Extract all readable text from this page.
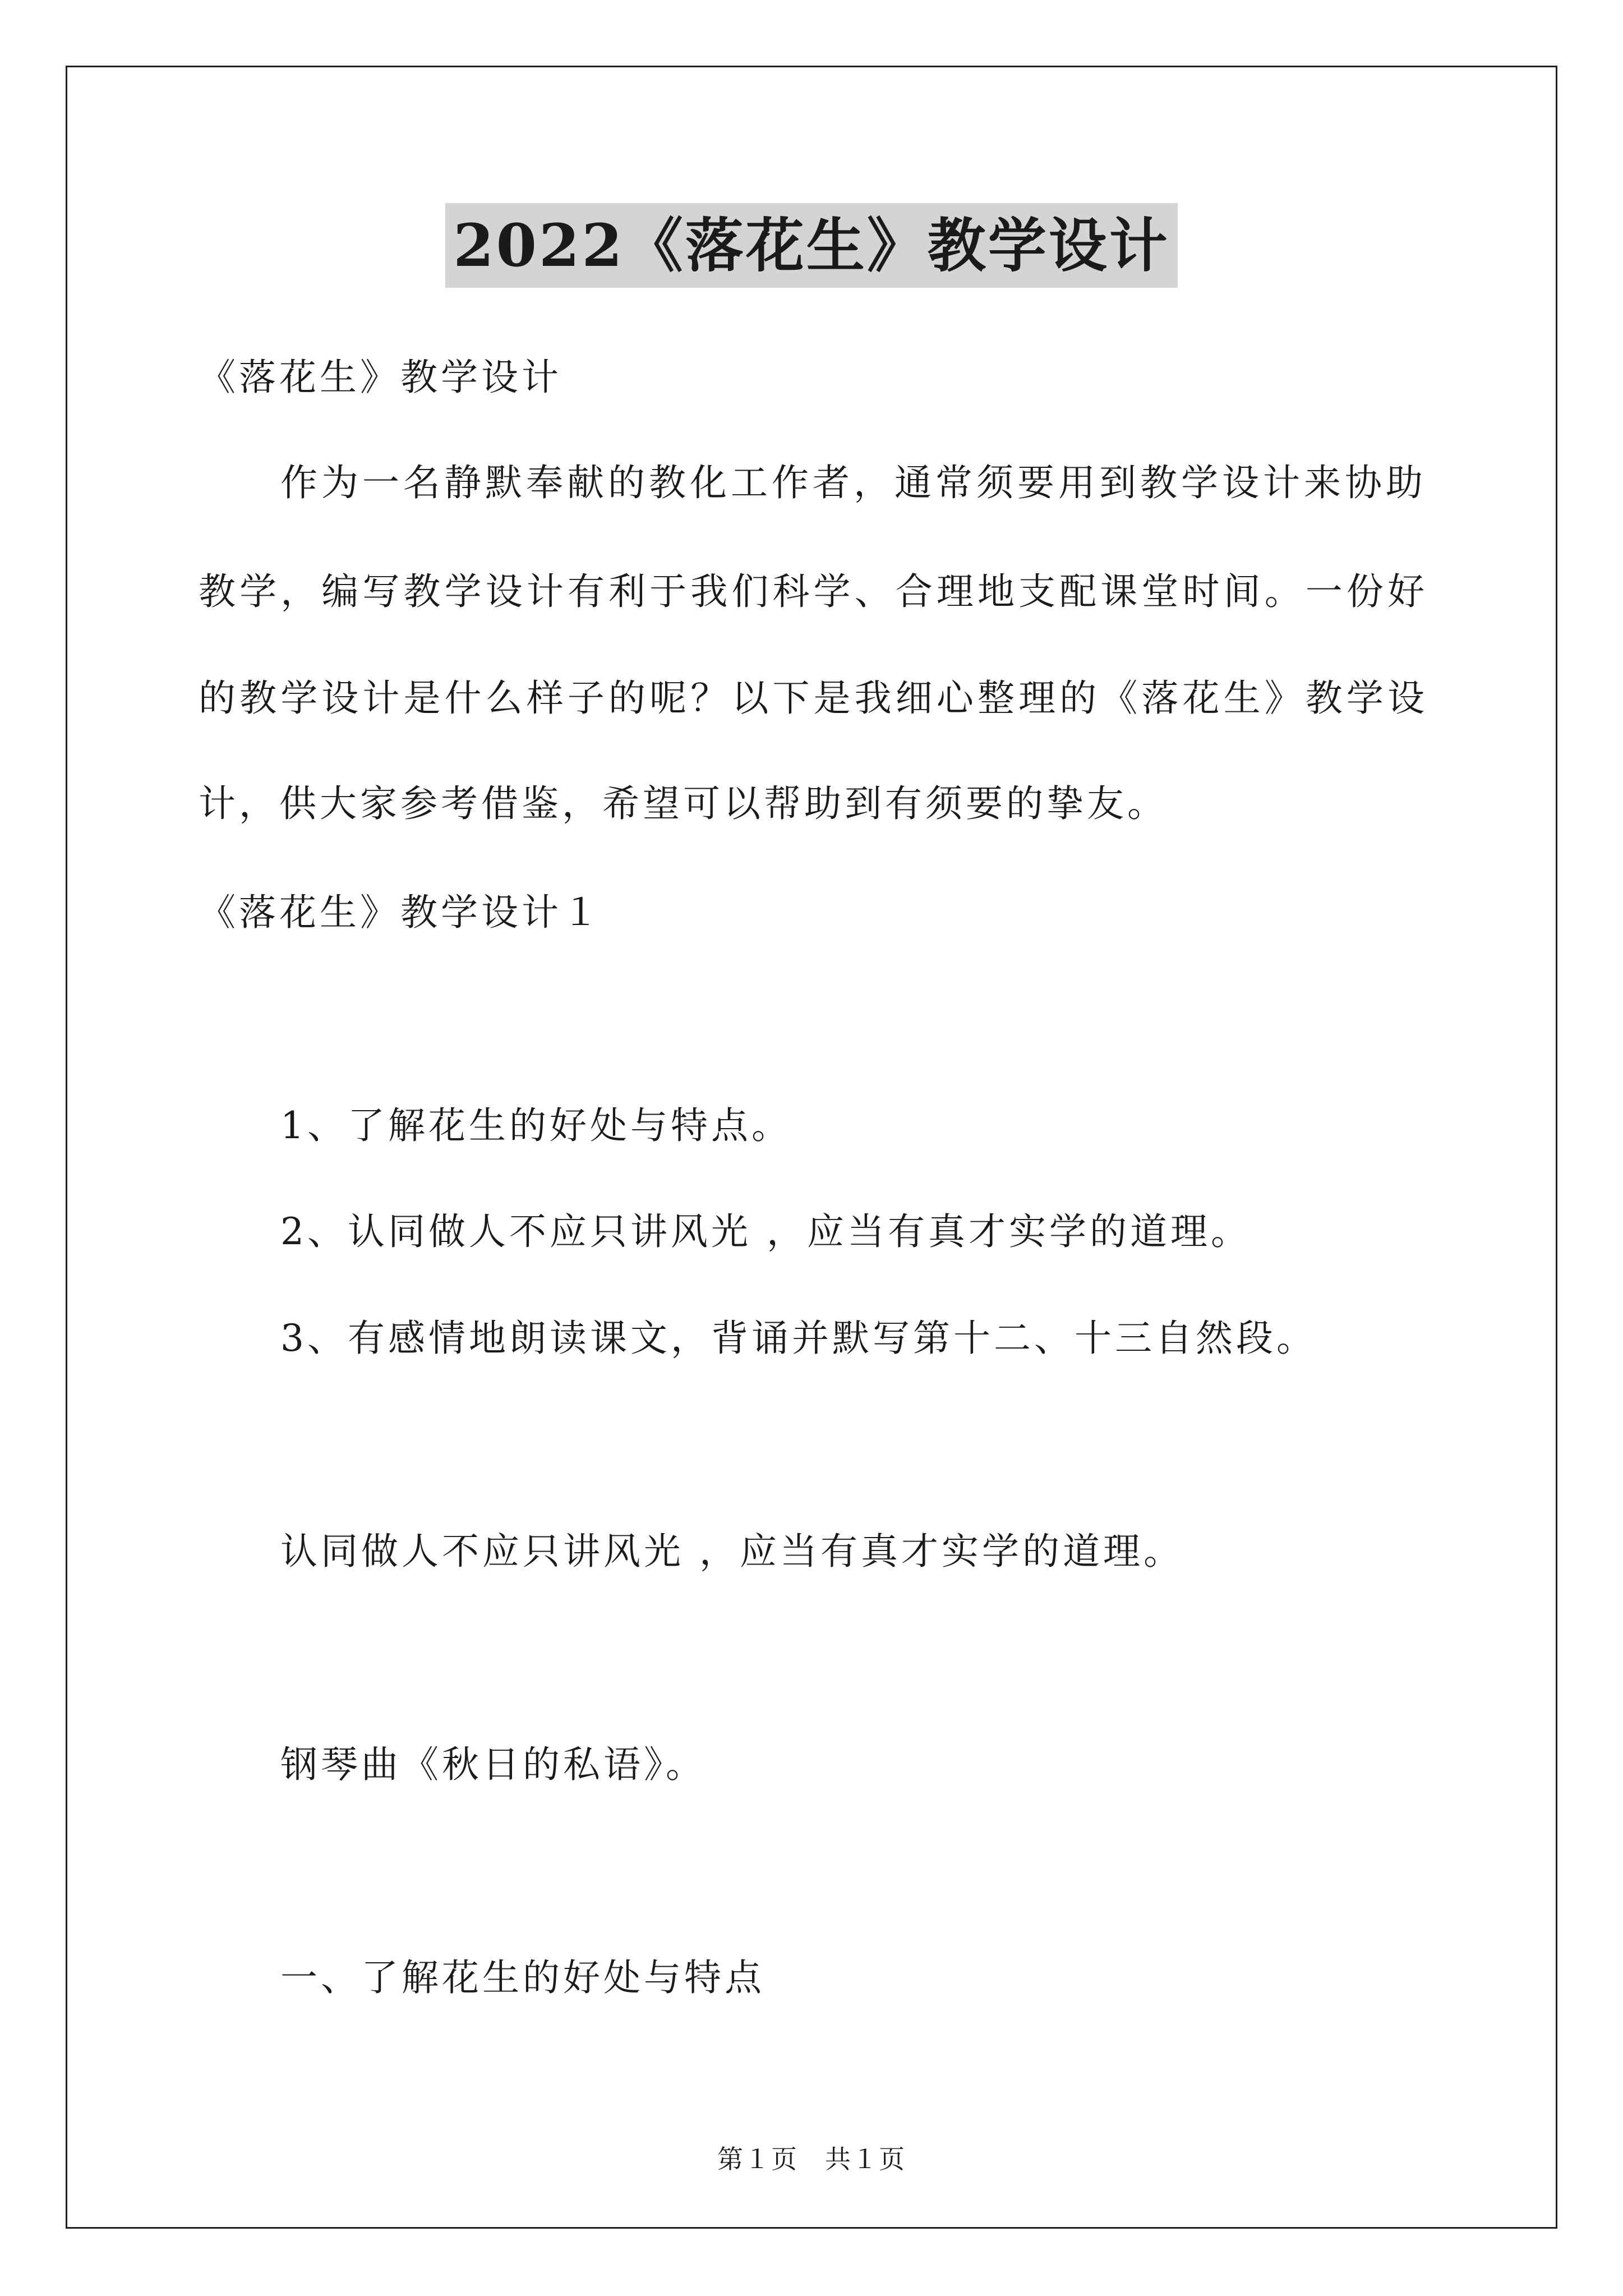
2022《落花生》教学设计
《落花生》教学设计
作为一名静默奉献的教化工作者，通常须要用到教学设计来协助
教学，编写教学设计有利于我们科学、合理地支配课堂时间。一份好
的教学设计是什么样子的呢？以下是我细心整理的《落花生》教学设
计，供大家参考借鉴，希望可以帮助到有须要的挚友。
《落花生》教学设计１
1、了解花生的好处与特点。
2、认同做人不应只讲风光 ，应当有真才实学的道理。
3、有感情地朗读课文，背诵并默写第十二、十三自然段。
认同做人不应只讲风光 ，应当有真才实学的道理。
钢琴曲《秋日的私语》。
一、了解花生的好处与特点
第１页　共１页
